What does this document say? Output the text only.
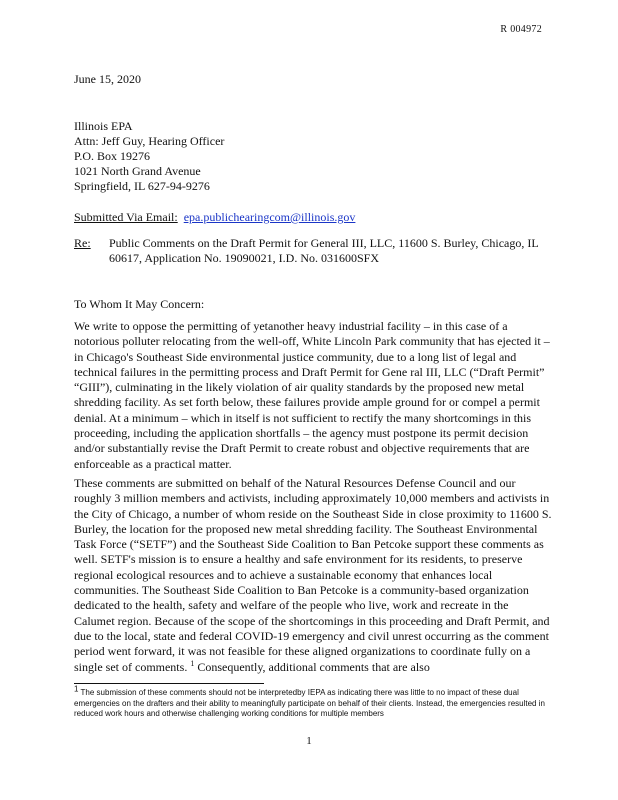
R 004972
June 15, 2020
Illinois EPA
Attn: Jeff Guy, Hearing Officer
P.O. Box 19276
1021 North Grand Avenue
Springfield, IL 627-94-9276
Submitted Via Email: epa.publichearingcom@illinois.gov
Re: Public Comments on the Draft Permit for General III, LLC, 11600 S. Burley, Chicago, IL 60617, Application No. 19090021, I.D. No. 031600SFX
To Whom It May Concern:
We write to oppose the permitting of yetanother heavy industrial facility – in this case of a notorious polluter relocating from the well-off, White Lincoln Park community that has ejected it – in Chicago's Southeast Side environmental justice community, due to a long list of legal and technical failures in the permitting process and Draft Permit for Gene ral III, LLC (“Draft Permit” “GIII”), culminating in the likely violation of air quality standards by the proposed new metal shredding facility. As set forth below, these failures provide ample ground for or compel a permit denial. At a minimum – which in itself is not sufficient to rectify the many shortcomings in this proceeding, including the application shortfalls – the agency must postpone its permit decision and/or substantially revise the Draft Permit to create robust and objective requirements that are enforceable as a practical matter.
These comments are submitted on behalf of the Natural Resources Defense Council and our roughly 3 million members and activists, including approximately 10,000 members and activists in the City of Chicago, a number of whom reside on the Southeast Side in close proximity to 11600 S. Burley, the location for the proposed new metal shredding facility. The Southeast Environmental Task Force (“SETF”) and the Southeast Side Coalition to Ban Petcoke support these comments as well. SETF's mission is to ensure a healthy and safe environment for its residents, to preserve regional ecological resources and to achieve a sustainable economy that enhances local communities. The Southeast Side Coalition to Ban Petcoke is a community-based organization dedicated to the health, safety and welfare of the people who live, work and recreate in the Calumet region. Because of the scope of the shortcomings in this proceeding and Draft Permit, and due to the local, state and federal COVID-19 emergency and civil unrest occurring as the comment period went forward, it was not feasible for these aligned organizations to coordinate fully on a single set of comments. $^1$ Consequently, additional comments that are also
$^1$ The submission of these comments should not be interpretedby IEPA as indicating there was little to no impact of these dual emergencies on the drafters and their ability to meaningfully participate on behalf of their clients. Instead, the emergencies resulted in reduced work hours and otherwise challenging working conditions for multiple members
1
